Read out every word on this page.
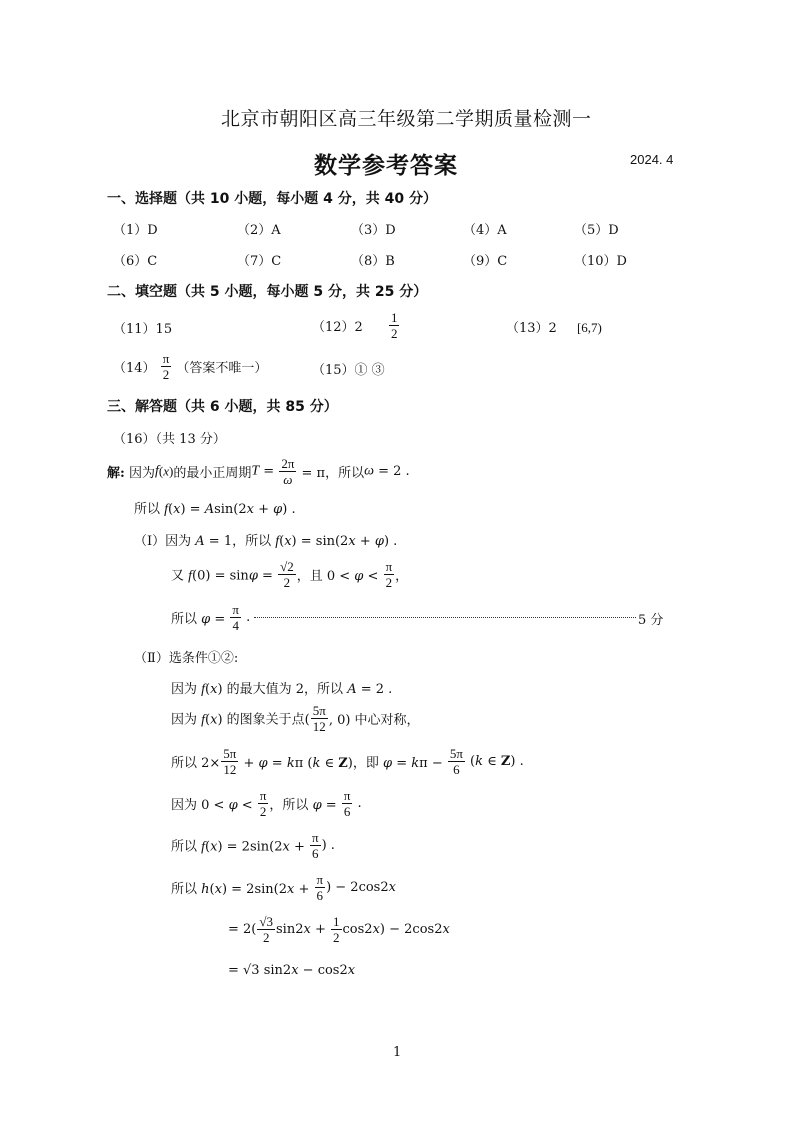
北京市朝阳区高三年级第二学期质量检测一
数学参考答案	2024. 4
一、选择题（共 10 小题，每小题 4 分，共 40 分）
（1）D	（2）A	（3）D	（4）A	（5）D
（6）C	（7）C	（8）B	（9）C	（10）D
二、填空题（共 5 小题，每小题 5 分，共 25 分）
（11）15	$(12)2 \frac{1}{2}$	（13）2 [6,7)
$(14) \frac{\pi}{2}$ （答案不唯一）	（15）① ③
三、解答题（共 6 小题，共 85 分）
（16）（共 13 分）
解: 因为f(x)的最小正周期$T = \frac{2\pi}{\omega} = \pi$，所以ω = 2 .
所以 f(x) = Asin(2x + φ) .
（Ⅰ）因为 A = 1，所以 f(x) = sin(2x + φ) .
又 $f(0) = \sin\varphi = \frac{√2}{2}$ ，且 $0 < \varphi < \frac{\pi}{2}$ ，
所以 $\varphi = \frac{\pi}{4}$ .	5 分
（Ⅱ）选条件①②:
因为 f(x) 的最大值为 2，所以 A = 2 .
因为 f(x) 的图象关于点( $\frac{5\pi}{12}$ , 0) 中心对称，
所以 $2\times \frac{5\pi}{12} + \varphi = k\pi$ (k ∈ Z)，即 $\varphi = k\pi - \frac{5\pi}{6} (k$ ∈ Z) .
因为 $0 < \varphi < \frac{\pi}{2}$ ，所以 $\varphi = \frac{\pi}{6}$ .
所以 $f(x) = 2\sin(2x + \frac{\pi}{6}$ ) .
所以 $h(x) = 2\sin(2x + \frac{\pi}{6}$ ) − 2cos2x
= $2( \frac{√3}{2} \sin 2x + \frac{1}{2} \cos 2x) - 2\cos 2x$
= √3 sin2x − cos2x
1
